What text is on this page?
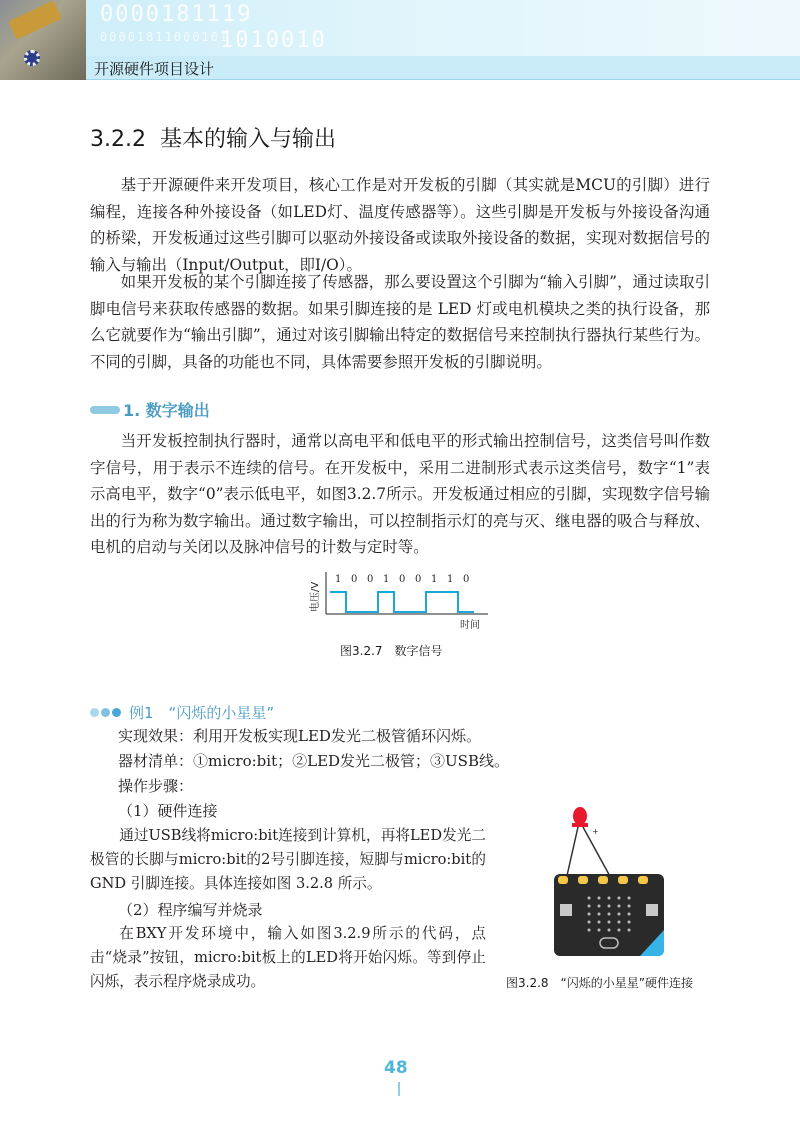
0000181119
00001811000101
1010010
开源硬件项目设计
3.2.2 基本的输入与输出

基于开源硬件来开发项目，核心工作是对开发板的引脚（其实就是MCU的引脚）进行编程，连接各种外接设备（如LED灯、温度传感器等）。这些引脚是开发板与外接设备沟通的桥梁，开发板通过这些引脚可以驱动外接设备或读取外接设备的数据，实现对数据信号的输入与输出（Input/Output，即I/O）。

如果开发板的某个引脚连接了传感器，那么要设置这个引脚为“输入引脚”，通过读取引脚电信号来获取传感器的数据。如果引脚连接的是 LED 灯或电机模块之类的执行设备，那么它就要作为“输出引脚”，通过对该引脚输出特定的数据信号来控制执行器执行某些行为。不同的引脚，具备的功能也不同，具体需要参照开发板的引脚说明。

1. 数字输出

当开发板控制执行器时，通常以高电平和低电平的形式输出控制信号，这类信号叫作数字信号，用于表示不连续的信号。在开发板中，采用二进制形式表示这类信号，数字“1”表示高电平，数字“0”表示低电平，如图3.2.7所示。开发板通过相应的引脚，实现数字信号输出的行为称为数字输出。通过数字输出，可以控制指示灯的亮与灭、继电器的吸合与释放、电机的启动与关闭以及脉冲信号的计数与定时等。

电压/V
1 0 0 1 0 0 1 1 0
时间
图3.2.7　数字信号
例1　“闪烁的小星星”
实现效果：利用开发板实现LED发光二极管循环闪烁。
器材清单：①micro:bit；②LED发光二极管；③USB线。
操作步骤：
（1）硬件连接

通过USB线将micro:bit连接到计算机，再将LED发光二极管的长脚与micro:bit的2号引脚连接，短脚与micro:bit的 GND 引脚连接。具体连接如图 3.2.8 所示。

（2）程序编写并烧录

在BXY开发环境中，输入如图3.2.9所示的代码，点击“烧录”按钮，micro:bit板上的LED将开始闪烁。等到停止闪烁，表示程序烧录成功。

+
图3.2.8　“闪烁的小星星”硬件连接
48
